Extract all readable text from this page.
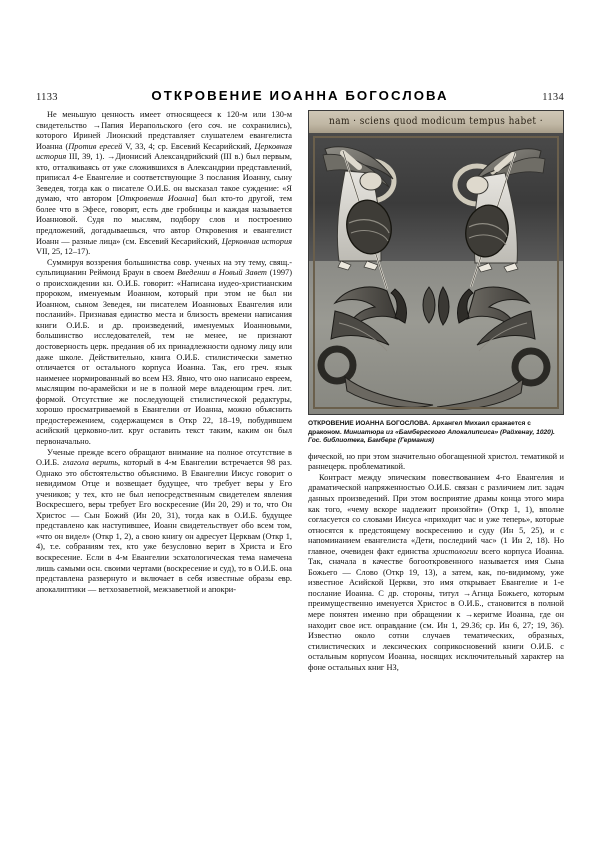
1133	ОТКРОВЕНИЕ ИОАННА БОГОСЛОВА	1134

Не меньшую ценность имеет относящееся к 120-м или 130-м свидетельство →Папия Иерапольского (его соч. не сохранились), которого Ириней Лионский представляет слушателем евангелиста Иоанна (Против ересей V, 33, 4; ср. Евсевий Кесарийский, Церковная история III, 39, 1). →Дионисий Александрийский (III в.) был первым, кто, отталкиваясь от уже сложившихся в Александрии представлений, приписал 4-е Евангелие и соответствующие 3 послания Иоанну, сыну Зеведея, тогда как о писателе О.И.Б. он высказал такое суждение: «Я думаю, что автором [Откровения Иоанна] был кто-то другой, тем более что в Эфесе, говорят, есть две гробницы и каждая называется Иоанновой. Судя по мыслям, подбору слов и построению предложений, догадываешься, что автор Откровения и евангелист Иоанн — разные лица» (см. Евсевий Кесарийский, Церковная история VII, 25, 12–17).

Суммируя воззрения большинства совр. ученых на эту тему, свящ.-сульпицианин Реймонд Браун в своем Введении в Новый Завет (1997) о происхождении кн. О.И.Б. говорит: «Написана иудео-христианским пророком, именуемым Иоанном, который при этом не был ни Иоанном, сыном Зеведея, ни писателем Иоанновых Евангелия или посланий». Признавая единство места и близость времени написания книги О.И.Б. и др. произведений, именуемых Иоанновыми, большинство исследователей, тем не менее, не признают достоверность церк. предания об их принадлежности одному лицу или даже школе. Действительно, книга О.И.Б. стилистически заметно отличается от остального корпуса Иоанна. Так, его греч. язык наименее нормированный во всем НЗ. Явно, что оно написано евреем, мыслящим по-арамейски и не в полной мере владеющим греч. лит. формой. Отсутствие же последующей стилистической редактуры, хорошо просматриваемой в Евангелии от Иоанна, можно объяснить предостережением, содержащемся в Откр 22, 18–19, побудившем асийский церковно-лит. круг оставить текст таким, каким он был первоначально.

Ученые прежде всего обращают внимание на полное отсутствие в О.И.Б. глагола верить, который в 4-м Евангелии встречается 98 раз. Однако это обстоятельство объяснимо. В Евангелии Иисус говорит о невидимом Отце и возвещает будущее, что требует веры у Его учеников; у тех, кто не был непосредственным свидетелем явления Воскресшего, веры требует Его воскресение (Ин 20, 29) и то, что Он Христос — Сын Божий (Ин 20, 31), тогда как в О.И.Б. будущее представлено как наступившее, Иоанн свидетельствует обо всем том, «что он видел» (Откр 1, 2), а свою книгу он адресует Церквам (Откр 1, 4), т.е. собраниям тех, кто уже безусловно верит в Христа и Его воскресение. Если в 4-м Евангелии эсхатологическая тема намечена лишь самыми осн. своими чертами (воскресение и суд), то в О.И.Б. она представлена развернуто и включает в себя известные образы евр. апокалиптики — ветхозаветной, межзаветной и апокри-

nam · sciens quod modicum tempus habet ·
ОТКРОВЕНИЕ ИОАННА БОГОСЛОВА. Архангел Михаил сражается с драконом. Миниатюра из «Бамбергского Апокалипсиса» (Райхенау, 1020). Гос. библиотека, Бамберг (Германия)

фической, но при этом значительно обогащенной христол. тематикой и раннецерк. проблематикой.

Контраст между эпическим повествованием 4-го Евангелия и драматической напряженностью О.И.Б. связан с различием лит. задач данных произведений. При этом восприятие драмы конца этого мира как того, «чему вскоре надлежит произойти» (Откр 1, 1), вполне согласуется со словами Иисуса «приходит час и уже теперь», которые относятся к предстоящему воскресению и суду (Ин 5, 25), и с напоминанием евангелиста «Дети, последний час» (1 Ин 2, 18). Но главное, очевиден факт единства христологии всего корпуса Иоанна. Так, сначала в качестве богооткровенного называется имя Сына Божьего — Слово (Откр 19, 13), а затем, как, по-видимому, уже известное Асийской Церкви, это имя открывает Евангелие и 1-е послание Иоанна. С др. стороны, титул →Агнца Божьего, которым преимущественно именуется Христос в О.И.Б., становится в полной мере понятен именно при обращении к →керигме Иоанна, где он находит свое ист. оправдание (см. Ин 1, 29.36; ср. Ин 6, 27; 19, 36). Известно около сотни случаев тематических, образных, стилистических и лексических соприкосновений книги О.И.Б. с остальным корпусом Иоанна, носящих исключительный характер на фоне остальных книг НЗ,
